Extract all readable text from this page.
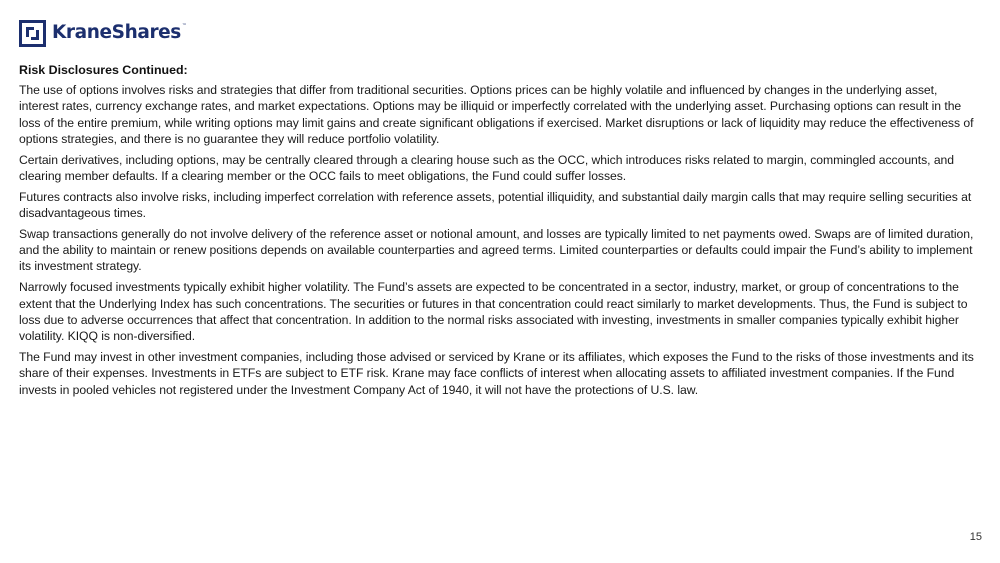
KraneShares™
Risk Disclosures Continued:

The use of options involves risks and strategies that differ from traditional securities. Options prices can be highly volatile and influenced by changes in the underlying asset, interest rates, currency exchange rates, and market expectations. Options may be illiquid or imperfectly correlated with the underlying asset. Purchasing options can result in the loss of the entire premium, while writing options may limit gains and create significant obligations if exercised. Market disruptions or lack of liquidity may reduce the effectiveness of options strategies, and there is no guarantee they will reduce portfolio volatility.

Certain derivatives, including options, may be centrally cleared through a clearing house such as the OCC, which introduces risks related to margin, commingled accounts, and clearing member defaults. If a clearing member or the OCC fails to meet obligations, the Fund could suffer losses.

Futures contracts also involve risks, including imperfect correlation with reference assets, potential illiquidity, and substantial daily margin calls that may require selling securities at disadvantageous times.

Swap transactions generally do not involve delivery of the reference asset or notional amount, and losses are typically limited to net payments owed. Swaps are of limited duration, and the ability to maintain or renew positions depends on available counterparties and agreed terms. Limited counterparties or defaults could impair the Fund’s ability to implement its investment strategy.

Narrowly focused investments typically exhibit higher volatility. The Fund’s assets are expected to be concentrated in a sector, industry, market, or group of concentrations to the extent that the Underlying Index has such concentrations. The securities or futures in that concentration could react similarly to market developments. Thus, the Fund is subject to loss due to adverse occurrences that affect that concentration. In addition to the normal risks associated with investing, investments in smaller companies typically exhibit higher volatility. KIQQ is non-diversified.

The Fund may invest in other investment companies, including those advised or serviced by Krane or its affiliates, which exposes the Fund to the risks of those investments and its share of their expenses. Investments in ETFs are subject to ETF risk. Krane may face conflicts of interest when allocating assets to affiliated investment companies. If the Fund invests in pooled vehicles not registered under the Investment Company Act of 1940, it will not have the protections of U.S. law.

15
